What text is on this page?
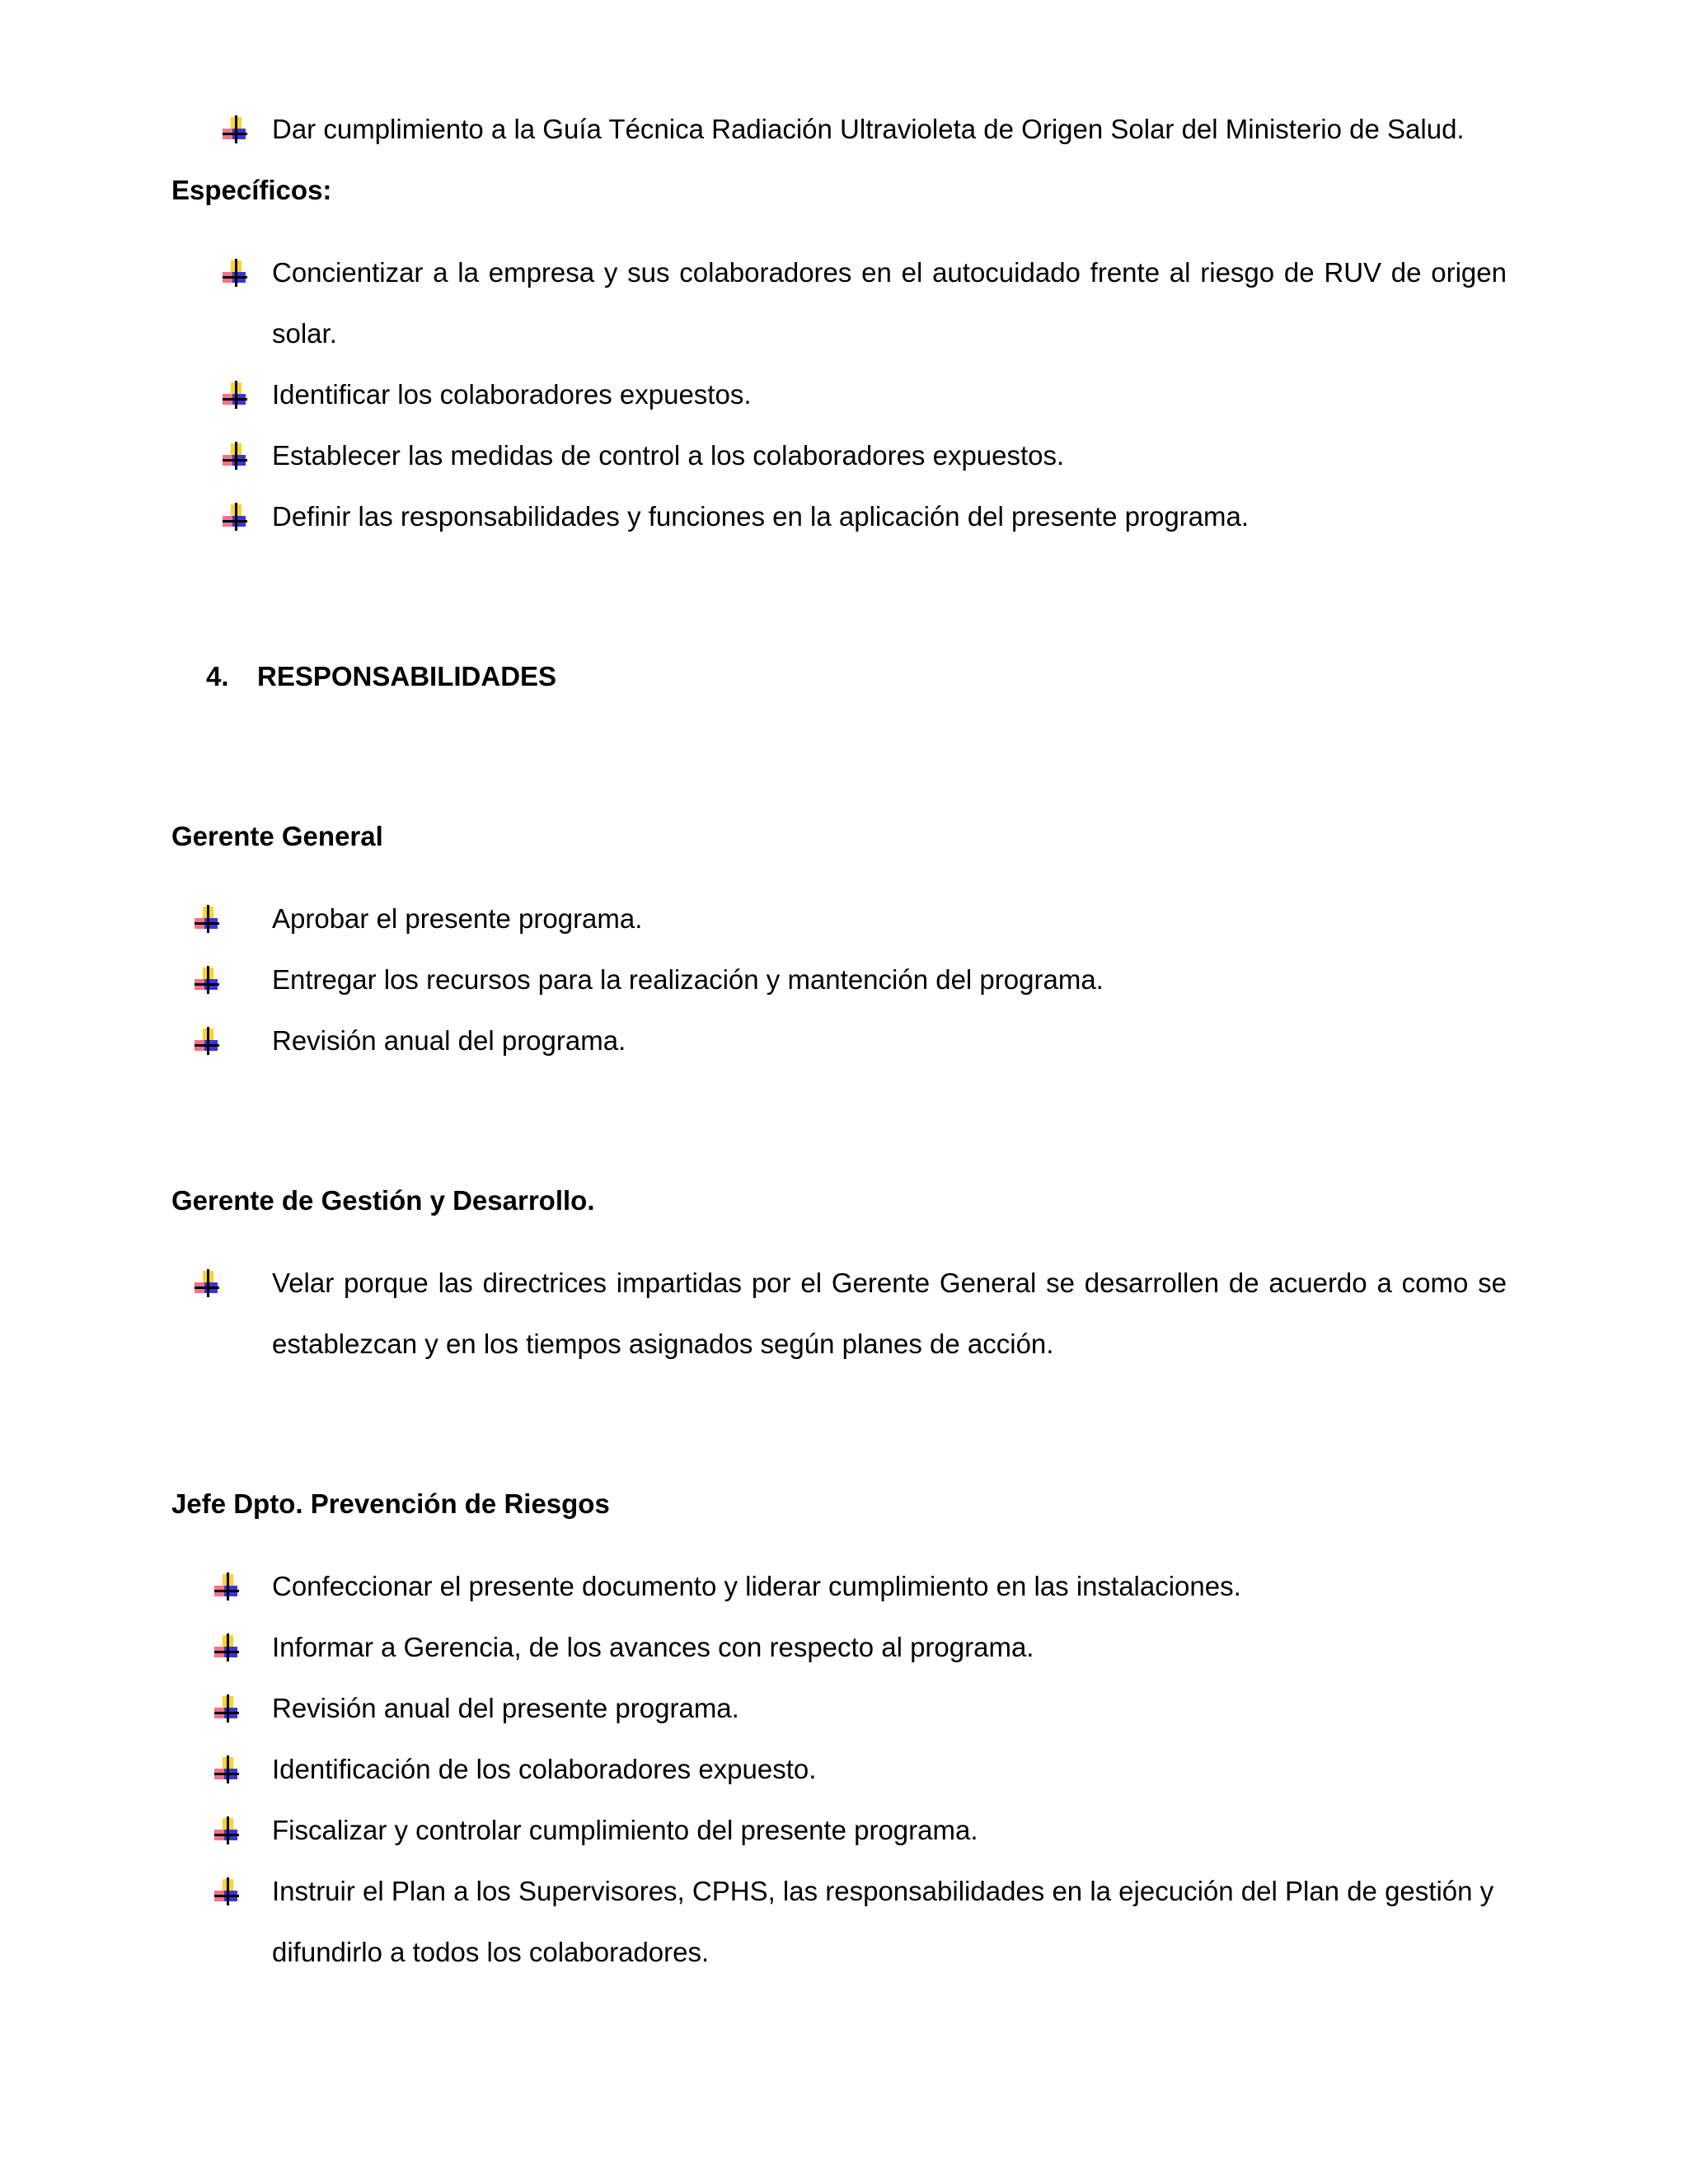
Dar cumplimiento a la Guía Técnica Radiación Ultravioleta de Origen Solar del Ministerio de Salud.

Específicos:

Concientizar a la empresa y sus colaboradores en el autocuidado frente al riesgo de RUV de origen solar.
Identificar los colaboradores expuestos.
Establecer las medidas de control a los colaboradores expuestos.
Definir las responsabilidades y funciones en la aplicación del presente programa.

4. RESPONSABILIDADES

Gerente General

Aprobar el presente programa.
Entregar los recursos para la realización y mantención del programa.
Revisión anual del programa.

Gerente de Gestión y Desarrollo.

Velar porque las directrices impartidas por el Gerente General se desarrollen de acuerdo a como se establezcan y en los tiempos asignados según planes de acción.

Jefe Dpto. Prevención de Riesgos

Confeccionar el presente documento y liderar cumplimiento en las instalaciones.
Informar a Gerencia, de los avances con respecto al programa.
Revisión anual del presente programa.
Identificación de los colaboradores expuesto.
Fiscalizar y controlar cumplimiento del presente programa.
Instruir el Plan a los Supervisores, CPHS, las responsabilidades en la ejecución del Plan de gestión y difundirlo a todos los colaboradores.
